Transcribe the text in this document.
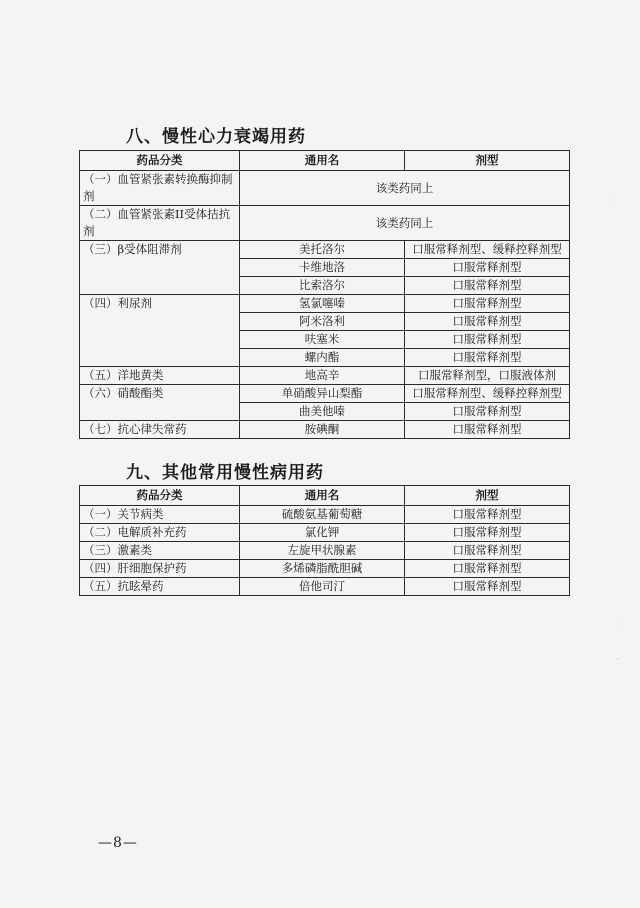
八、慢性心力衰竭用药
药品分类	通用名	剂型
（一）血管紧张素转换酶抑制剂	该类药同上	
（二）血管紧张素II受体拮抗剂	该类药同上	
（三）β受体阻滞剂	美托洛尔	口服常释剂型、缓释控释剂型
	卡维地洛	口服常释剂型
	比索洛尔	口服常释剂型
（四）利尿剂	氢氯噻嗪	口服常释剂型
	阿米洛利	口服常释剂型
	呋塞米	口服常释剂型
	螺内酯	口服常释剂型
（五）洋地黄类	地高辛	口服常释剂型，口服液体剂
（六）硝酸酯类	单硝酸异山梨酯	口服常释剂型、缓释控释剂型
	曲美他嗪	口服常释剂型
（七）抗心律失常药	胺碘酮	口服常释剂型
九、其他常用慢性病用药
药品分类	通用名	剂型
（一）关节病类	硫酸氨基葡萄糖	口服常释剂型
（二）电解质补充药	氯化钾	口服常释剂型
（三）激素类	左旋甲状腺素	口服常释剂型
（四）肝细胞保护药	多烯磷脂酰胆碱	口服常释剂型
（五）抗眩晕药	倍他司汀	口服常释剂型
—8—
·
·
·
